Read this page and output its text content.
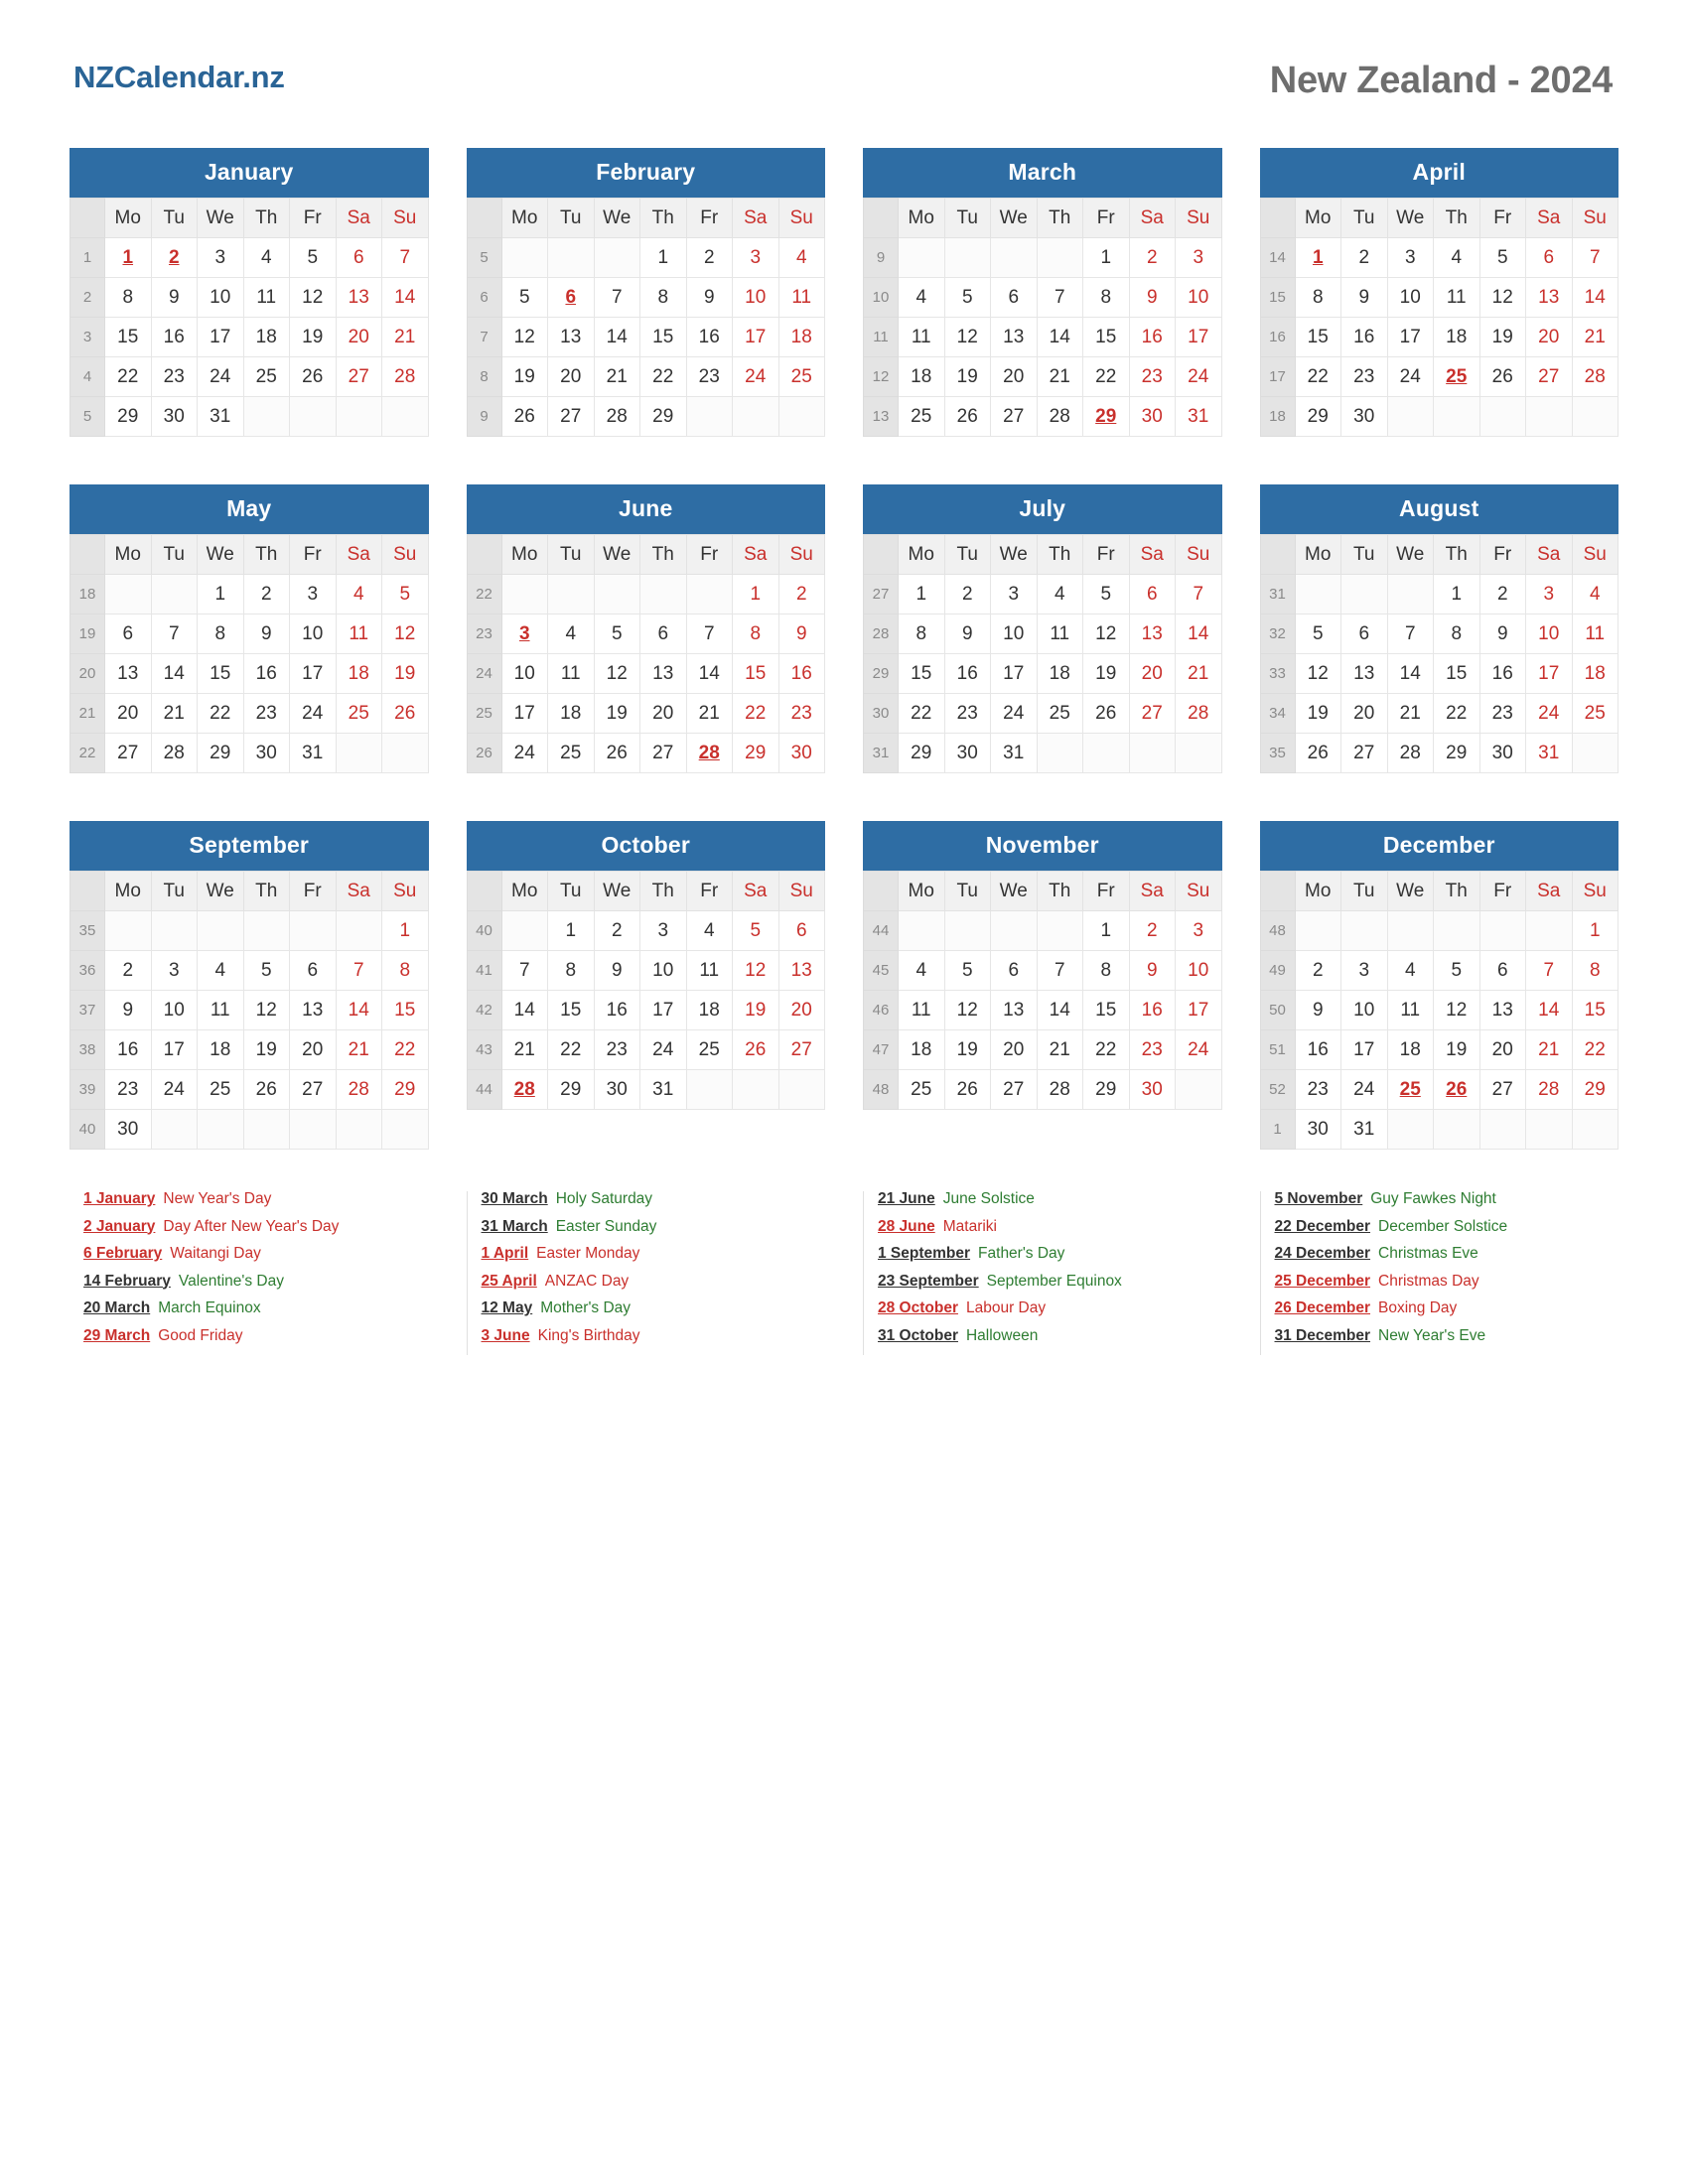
NZCalendar.nz	New Zealand - 2024
January
	Mo	Tu	We	Th	Fr	Sa	Su
1	1	2	3	4	5	6	7
2	8	9	10	11	12	13	14
3	15	16	17	18	19	20	21
4	22	23	24	25	26	27	28
5	29	30	31				
February
	Mo	Tu	We	Th	Fr	Sa	Su
5				1	2	3	4
6	5	6	7	8	9	10	11
7	12	13	14	15	16	17	18
8	19	20	21	22	23	24	25
9	26	27	28	29			
March
	Mo	Tu	We	Th	Fr	Sa	Su
9					1	2	3
10	4	5	6	7	8	9	10
11	11	12	13	14	15	16	17
12	18	19	20	21	22	23	24
13	25	26	27	28	29	30	31
April
	Mo	Tu	We	Th	Fr	Sa	Su
14	1	2	3	4	5	6	7
15	8	9	10	11	12	13	14
16	15	16	17	18	19	20	21
17	22	23	24	25	26	27	28
18	29	30					
May
	Mo	Tu	We	Th	Fr	Sa	Su
18			1	2	3	4	5
19	6	7	8	9	10	11	12
20	13	14	15	16	17	18	19
21	20	21	22	23	24	25	26
22	27	28	29	30	31		
June
	Mo	Tu	We	Th	Fr	Sa	Su
22						1	2
23	3	4	5	6	7	8	9
24	10	11	12	13	14	15	16
25	17	18	19	20	21	22	23
26	24	25	26	27	28	29	30
July
	Mo	Tu	We	Th	Fr	Sa	Su
27	1	2	3	4	5	6	7
28	8	9	10	11	12	13	14
29	15	16	17	18	19	20	21
30	22	23	24	25	26	27	28
31	29	30	31				
August
	Mo	Tu	We	Th	Fr	Sa	Su
31				1	2	3	4
32	5	6	7	8	9	10	11
33	12	13	14	15	16	17	18
34	19	20	21	22	23	24	25
35	26	27	28	29	30	31	
September
	Mo	Tu	We	Th	Fr	Sa	Su
35							1
36	2	3	4	5	6	7	8
37	9	10	11	12	13	14	15
38	16	17	18	19	20	21	22
39	23	24	25	26	27	28	29
40	30						
October
	Mo	Tu	We	Th	Fr	Sa	Su
40		1	2	3	4	5	6
41	7	8	9	10	11	12	13
42	14	15	16	17	18	19	20
43	21	22	23	24	25	26	27
44	28	29	30	31			
November
	Mo	Tu	We	Th	Fr	Sa	Su
44					1	2	3
45	4	5	6	7	8	9	10
46	11	12	13	14	15	16	17
47	18	19	20	21	22	23	24
48	25	26	27	28	29	30	
December
	Mo	Tu	We	Th	Fr	Sa	Su
48							1
49	2	3	4	5	6	7	8
50	9	10	11	12	13	14	15
51	16	17	18	19	20	21	22
52	23	24	25	26	27	28	29
1	30	31					
1 January New Year's Day
2 January Day After New Year's Day
6 February Waitangi Day
14 February Valentine's Day
20 March March Equinox
29 March Good Friday
30 March Holy Saturday
31 March Easter Sunday
1 April Easter Monday
25 April ANZAC Day
12 May Mother's Day
3 June King's Birthday
21 June June Solstice
28 June Matariki
1 September Father's Day
23 September September Equinox
28 October Labour Day
31 October Halloween
5 November Guy Fawkes Night
22 December December Solstice
24 December Christmas Eve
25 December Christmas Day
26 December Boxing Day
31 December New Year's Eve
